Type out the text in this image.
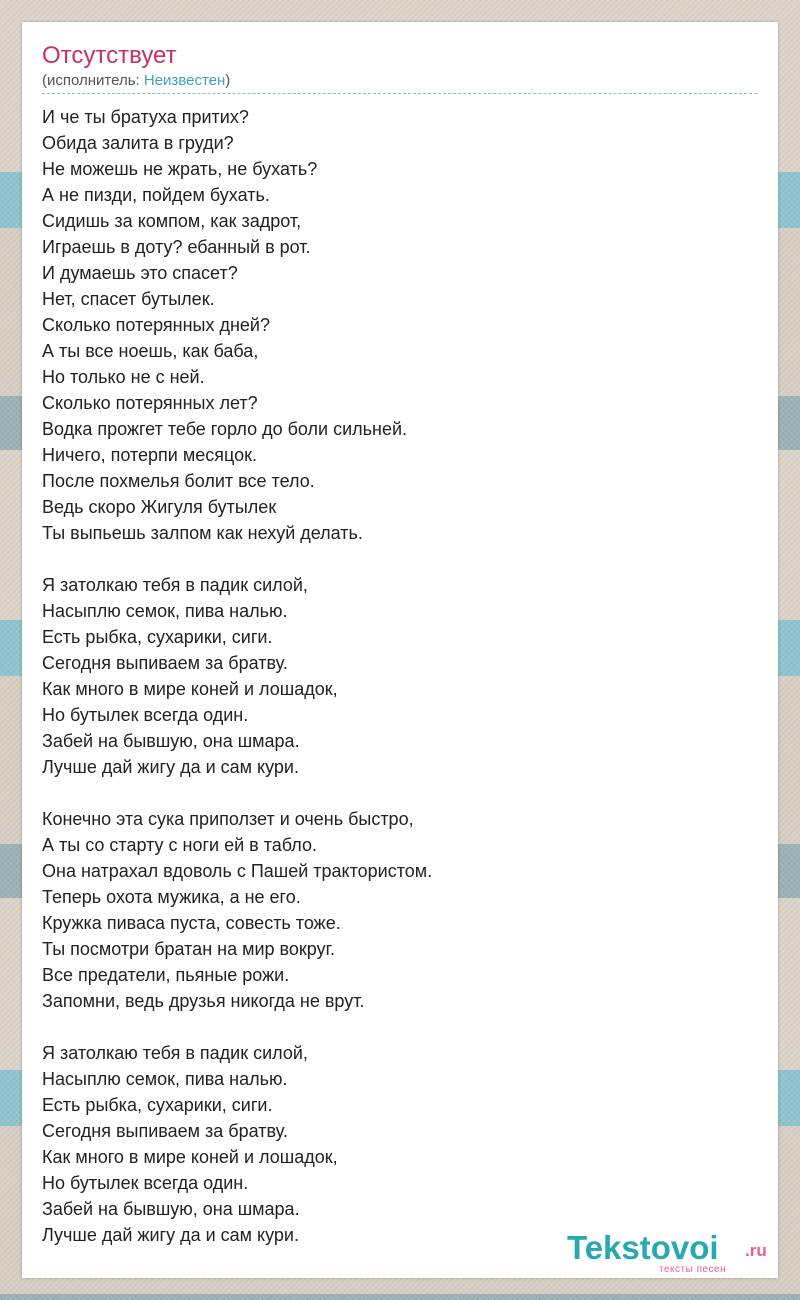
Отсутствует
(исполнитель: Неизвестен)
И че ты братуха притих?
Обида залита в груди?
Не можешь не жрать, не бухать?
А не пизди, пойдем бухать.
Сидишь за компом, как задрот,
Играешь в доту? ебанный в рот.
И думаешь это спасет?
Нет, спасет бутылек.
Сколько потерянных дней?
А ты все ноешь, как баба,
Но только не с ней.
Сколько потерянных лет?
Водка прожгет тебе горло до боли сильней.
Ничего, потерпи месяцок.
После похмелья болит все тело.
Ведь скоро Жигуля бутылек
Ты выпьешь залпом как нехуй делать.
Я затолкаю тебя в падик силой,
Насыплю семок, пива налью.
Есть рыбка, сухарики, сиги.
Сегодня выпиваем за братву.
Как много в мире коней и лошадок,
Но бутылек всегда один.
Забей на бывшую, она шмара.
Лучше дай жигу да и сам кури.
Конечно эта сука приползет и очень быстро,
А ты со старту с ноги ей в табло.
Она натрахал вдоволь с Пашей трактористом.
Теперь охота мужика, а не его.
Кружка пиваса пуста, совесть тоже.
Ты посмотри братан на мир вокруг.
Все предатели, пьяные рожи.
Запомни, ведь друзья никогда не врут.
Я затолкаю тебя в падик силой,
Насыплю семок, пива налью.
Есть рыбка, сухарики, сиги.
Сегодня выпиваем за братву.
Как много в мире коней и лошадок,
Но бутылек всегда один.
Забей на бывшую, она шмара.
Лучше дай жигу да и сам кури.	Tekstovoi .ru
тексты песен
